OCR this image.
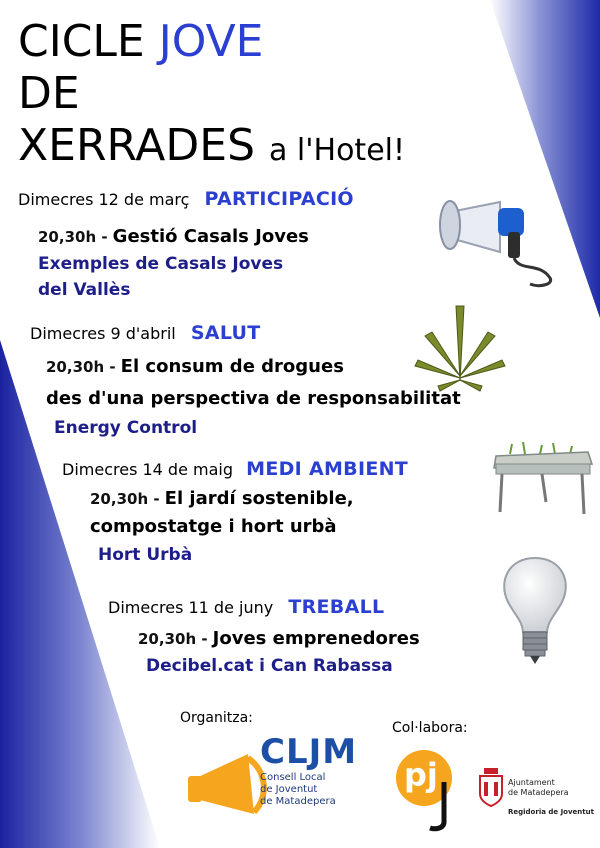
CICLE JOVE
DE
XERRADES a l'Hotel!
Dimecres 12 de març PARTICIPACIÓ
20,30h - Gestió Casals Joves
Exemples de Casals Joves
del Vallès
Dimecres 9 d'abril SALUT
20,30h - El consum de drogues
des d'una perspectiva de responsabilitat
Energy Control
Dimecres 14 de maig MEDI AMBIENT
20,30h - El jardí sostenible,
compostatge i hort urbà
Hort Urbà
Dimecres 11 de juny TREBALL
20,30h - Joves emprenedores
Decibel.cat i Can Rabassa
Organitza:
Col·labora:
CLJM
Consell Local
de Joventut
de Matadepera
pj	Ajuntament
de Matadepera
Regidoria de Joventut
